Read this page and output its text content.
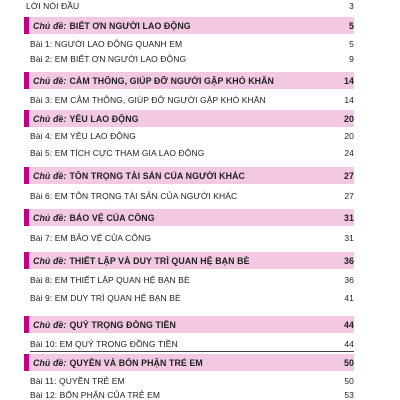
LỜI NÓI ĐẦU	3
Chủ đề: BIẾT ƠN NGƯỜI LAO ĐỘNG	5
Bài 1: NGƯỜI LAO ĐỘNG QUANH EM	5
Bài 2: EM BIẾT ƠN NGƯỜI LAO ĐỘNG	9
Chủ đề: CẢM THÔNG, GIÚP ĐỠ NGƯỜI GẶP KHÓ KHĂN	14
Bài 3: EM CẢM THÔNG, GIÚP ĐỠ NGƯỜI GẶP KHÓ KHĂN	14
Chủ đề: YÊU LAO ĐỘNG	20
Bài 4: EM YÊU LAO ĐỘNG	20
Bài 5: EM TÍCH CỰC THAM GIA LAO ĐỘNG	24
Chủ đề: TÔN TRỌNG TÀI SẢN CỦA NGƯỜI KHÁC	27
Bài 6: EM TÔN TRỌNG TÀI SẢN CỦA NGƯỜI KHÁC	27
Chủ đề: BẢO VỆ CỦA CÔNG	31
Bài 7: EM BẢO VỆ CỦA CÔNG	31
Chủ đề: THIẾT LẬP VÀ DUY TRÌ QUAN HỆ BẠN BÈ	36
Bài 8: EM THIẾT LẬP QUAN HỆ BẠN BÈ	36
Bài 9: EM DUY TRÌ QUAN HỆ BẠN BÈ	41
Chủ đề: QUÝ TRỌNG ĐỒNG TIỀN	44
Bài 10: EM QUÝ TRỌNG ĐỒNG TIỀN	44
Chủ đề: QUYỀN VÀ BỔN PHẬN TRẺ EM	50
Bài 11: QUYỀN TRẺ EM	50
Bài 12: BỔN PHẬN CỦA TRẺ EM	53
